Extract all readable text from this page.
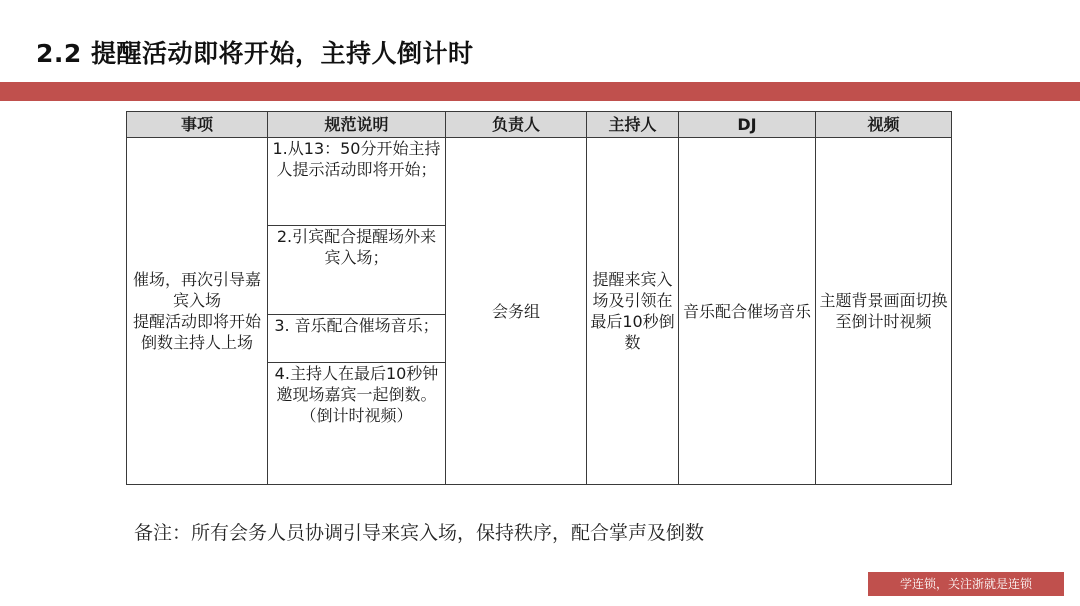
2.2 提醒活动即将开始，主持人倒计时
事项	规范说明	负责人	主持人	DJ	视频
催场，再次引导嘉宾入场
提醒活动即将开始
倒数主持人上场	1.从13：50分开始主持人提示活动即将开始；	会务组	提醒来宾入场及引领在最后10秒倒数	音乐配合催场音乐	主题背景画面切换至倒计时视频
	2.引宾配合提醒场外来宾入场；				
	3. 音乐配合催场音乐；				
	4.主持人在最后10秒钟邀现场嘉宾一起倒数。（倒计时视频）				
备注：所有会务人员协调引导来宾入场，保持秩序，配合掌声及倒数
学连锁，关注浙就是连锁
